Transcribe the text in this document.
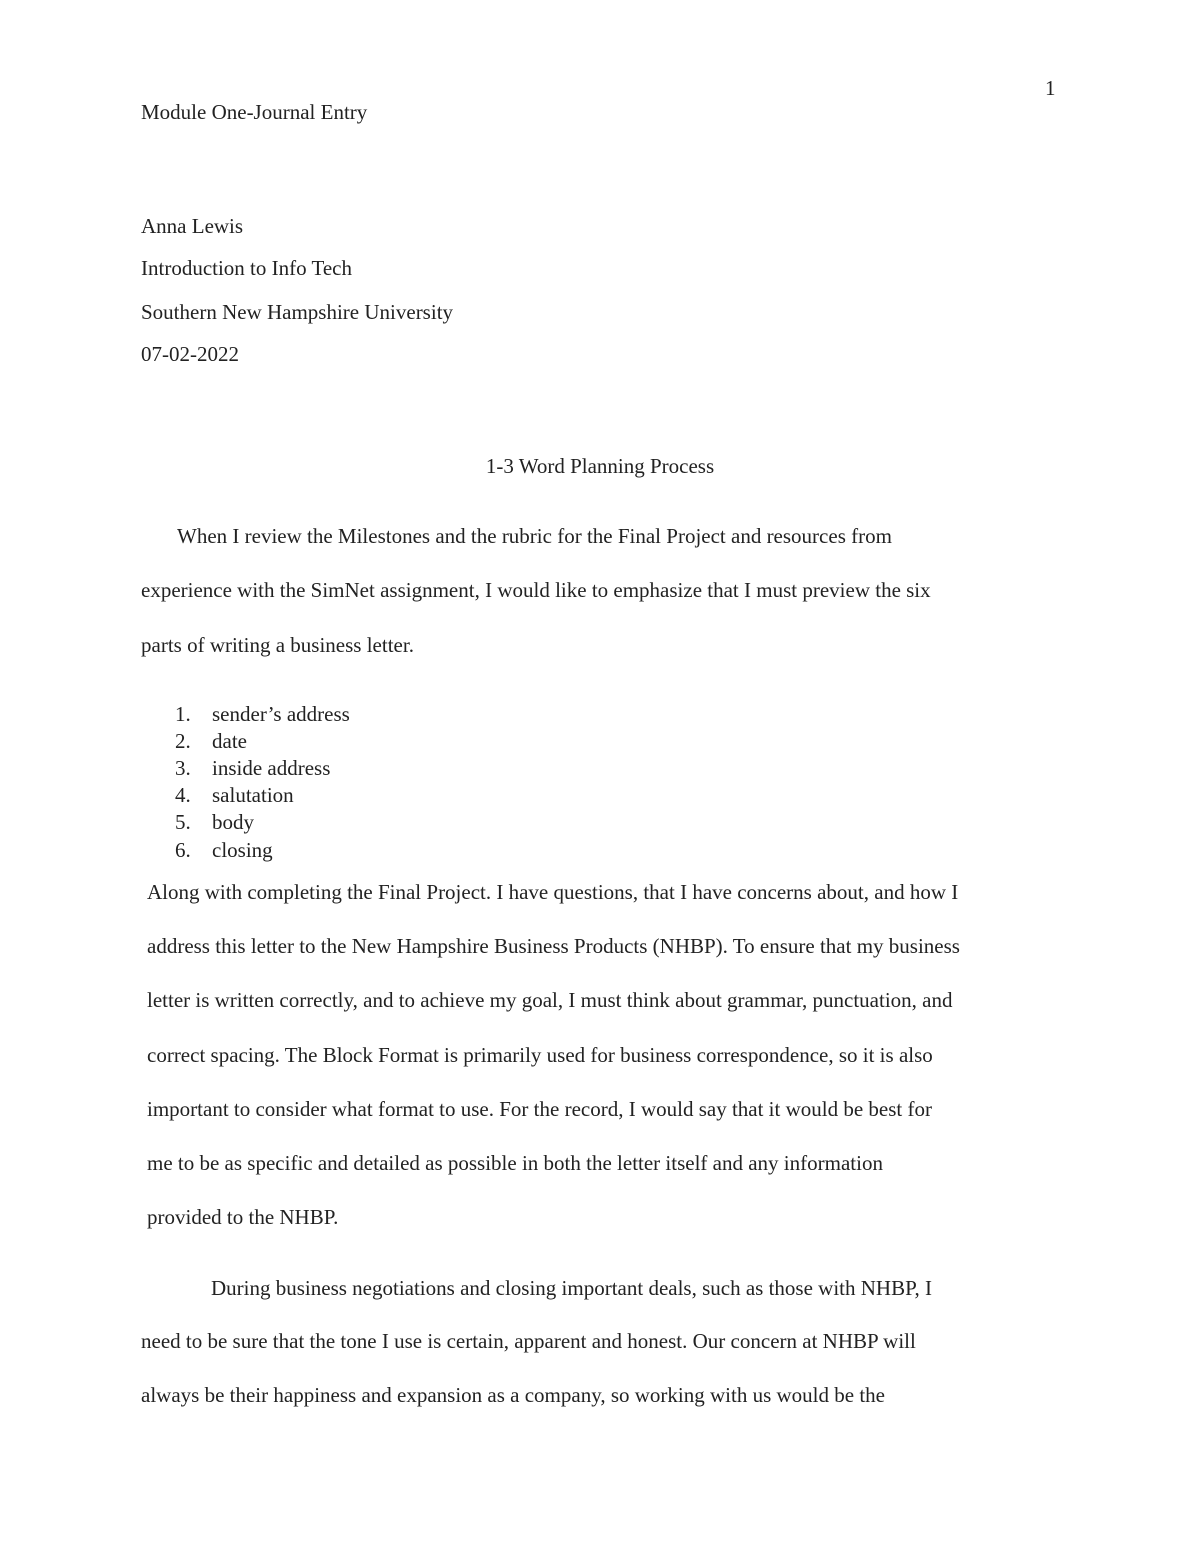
1
Module One-Journal Entry
Anna Lewis
Introduction to Info Tech
Southern New Hampshire University
07-02-2022
1-3 Word Planning Process
When I review the Milestones and the rubric for the Final Project and resources from
experience with the SimNet assignment, I would like to emphasize that I must preview the six
parts of writing a business letter.
1. sender’s address
2. date
3. inside address
4. salutation
5. body
6. closing
Along with completing the Final Project. I have questions, that I have concerns about, and how I
address this letter to the New Hampshire Business Products (NHBP). To ensure that my business
letter is written correctly, and to achieve my goal, I must think about grammar, punctuation, and
correct spacing. The Block Format is primarily used for business correspondence, so it is also
important to consider what format to use. For the record, I would say that it would be best for
me to be as specific and detailed as possible in both the letter itself and any information
provided to the NHBP.
During business negotiations and closing important deals, such as those with NHBP, I
need to be sure that the tone I use is certain, apparent and honest. Our concern at NHBP will
always be their happiness and expansion as a company, so working with us would be the
